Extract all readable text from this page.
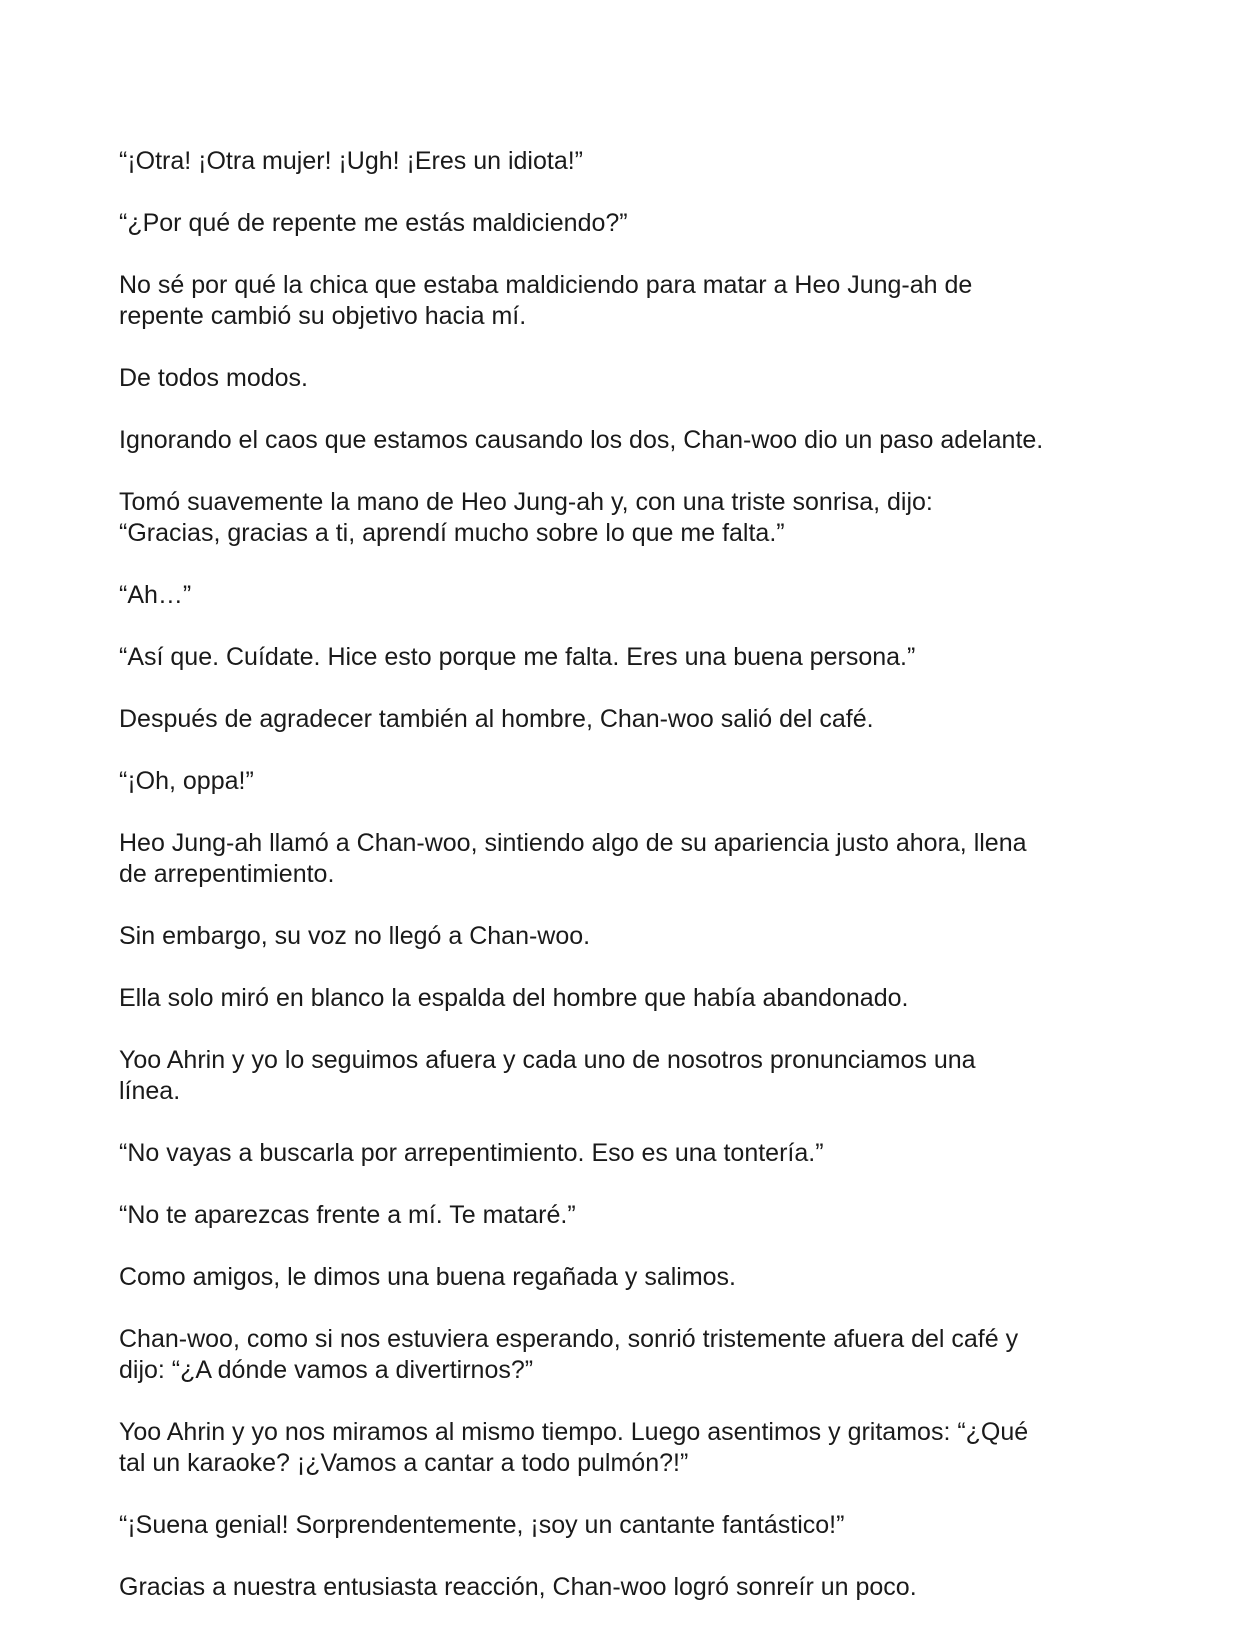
“¡Otra! ¡Otra mujer! ¡Ugh! ¡Eres un idiota!”

“¿Por qué de repente me estás maldiciendo?”

No sé por qué la chica que estaba maldiciendo para matar a Heo Jung-ah de
repente cambió su objetivo hacia mí.

De todos modos.

Ignorando el caos que estamos causando los dos, Chan-woo dio un paso adelante.

Tomó suavemente la mano de Heo Jung-ah y, con una triste sonrisa, dijo:
“Gracias, gracias a ti, aprendí mucho sobre lo que me falta.”

“Ah…”

“Así que. Cuídate. Hice esto porque me falta. Eres una buena persona.”

Después de agradecer también al hombre, Chan-woo salió del café.

“¡Oh, oppa!”

Heo Jung-ah llamó a Chan-woo, sintiendo algo de su apariencia justo ahora, llena
de arrepentimiento.

Sin embargo, su voz no llegó a Chan-woo.

Ella solo miró en blanco la espalda del hombre que había abandonado.

Yoo Ahrin y yo lo seguimos afuera y cada uno de nosotros pronunciamos una
línea.

“No vayas a buscarla por arrepentimiento. Eso es una tontería.”

“No te aparezcas frente a mí. Te mataré.”

Como amigos, le dimos una buena regañada y salimos.

Chan-woo, como si nos estuviera esperando, sonrió tristemente afuera del café y
dijo: “¿A dónde vamos a divertirnos?”

Yoo Ahrin y yo nos miramos al mismo tiempo. Luego asentimos y gritamos: “¿Qué
tal un karaoke? ¡¿Vamos a cantar a todo pulmón?!”

“¡Suena genial! Sorprendentemente, ¡soy un cantante fantástico!”

Gracias a nuestra entusiasta reacción, Chan-woo logró sonreír un poco.
